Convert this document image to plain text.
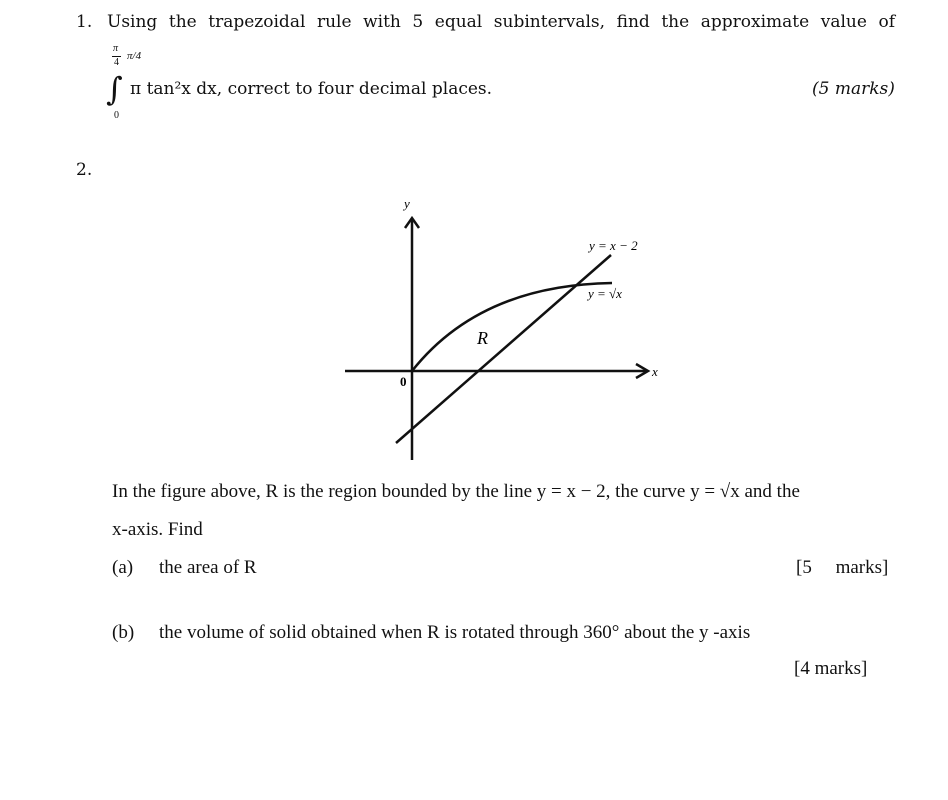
1. Using the trapezoidal rule with 5 equal subintervals, find the approximate value of
π
4
π/4
∫
0
π tan²x dx , correct to four decimal places.	(5 marks)
2.
y
x
0
R
y = x − 2
y = √x
In the figure above, R is the region bounded by the line y = x − 2, the curve y = √x and the
x-axis. Find
(a) the area of R	[5     marks]
(b) the volume of solid obtained when R is rotated through 360° about the y -axis
[4 marks]
